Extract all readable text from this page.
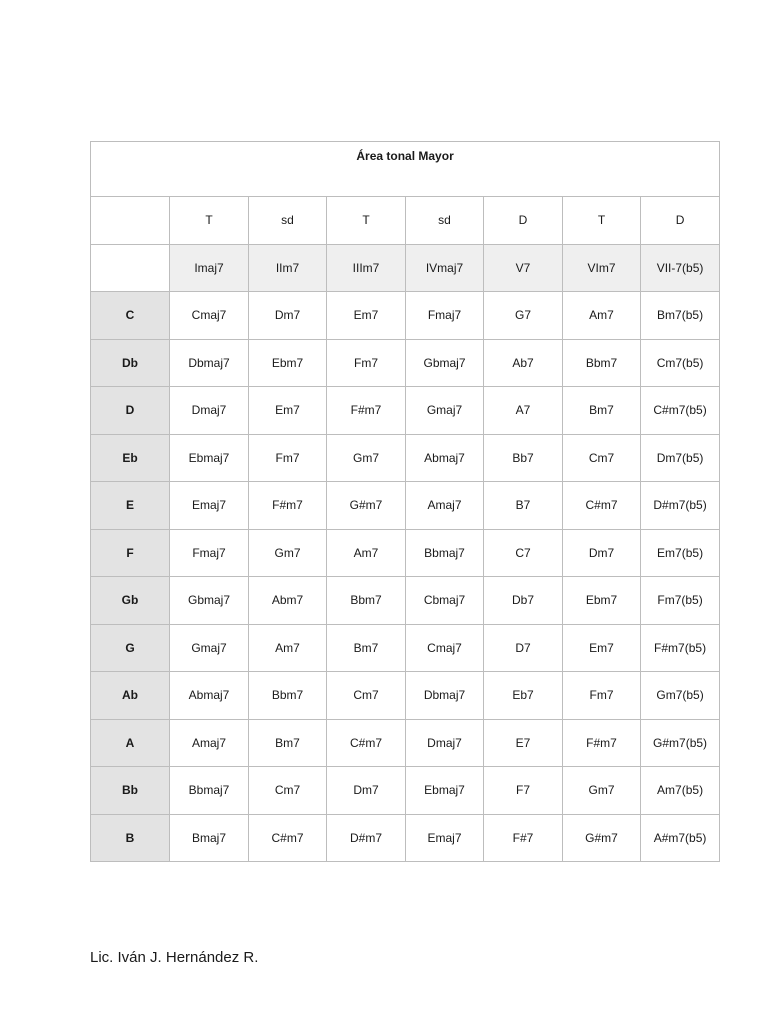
Área tonal Mayor							
	T	sd	T	sd	D	T	D
	Imaj7	IIm7	IIIm7	IVmaj7	V7	VIm7	VII-7(b5)
C	Cmaj7	Dm7	Em7	Fmaj7	G7	Am7	Bm7(b5)
Db	Dbmaj7	Ebm7	Fm7	Gbmaj7	Ab7	Bbm7	Cm7(b5)
D	Dmaj7	Em7	F#m7	Gmaj7	A7	Bm7	C#m7(b5)
Eb	Ebmaj7	Fm7	Gm7	Abmaj7	Bb7	Cm7	Dm7(b5)
E	Emaj7	F#m7	G#m7	Amaj7	B7	C#m7	D#m7(b5)
F	Fmaj7	Gm7	Am7	Bbmaj7	C7	Dm7	Em7(b5)
Gb	Gbmaj7	Abm7	Bbm7	Cbmaj7	Db7	Ebm7	Fm7(b5)
G	Gmaj7	Am7	Bm7	Cmaj7	D7	Em7	F#m7(b5)
Ab	Abmaj7	Bbm7	Cm7	Dbmaj7	Eb7	Fm7	Gm7(b5)
A	Amaj7	Bm7	C#m7	Dmaj7	E7	F#m7	G#m7(b5)
Bb	Bbmaj7	Cm7	Dm7	Ebmaj7	F7	Gm7	Am7(b5)
B	Bmaj7	C#m7	D#m7	Emaj7	F#7	G#m7	A#m7(b5)
Lic. Iván J. Hernández R.
